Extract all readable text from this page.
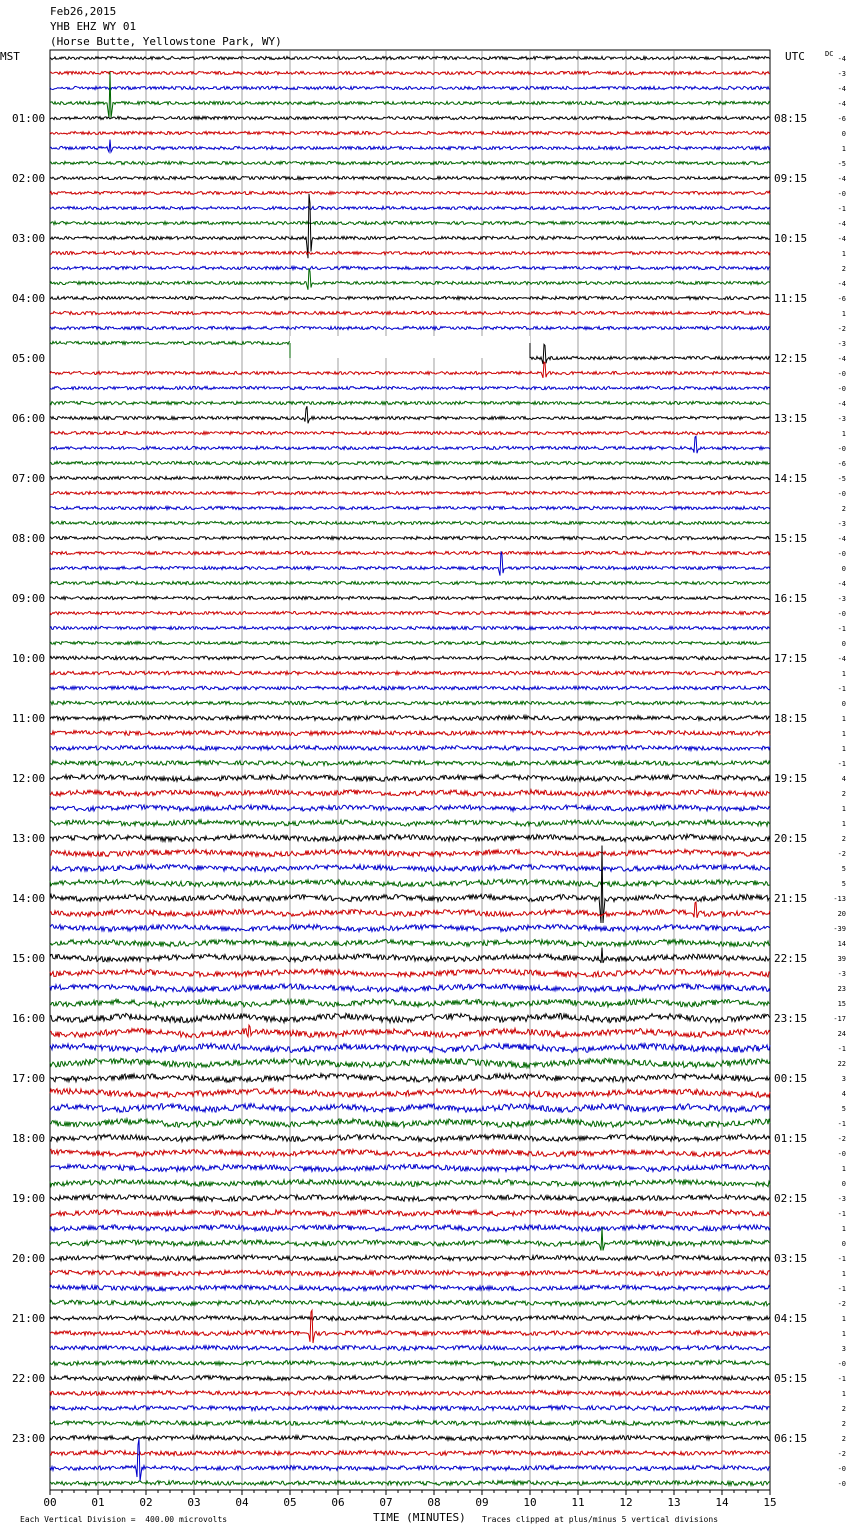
Feb26,2015
YHB EHZ WY 01
(Horse Butte, Yellowstone Park, WY)
MST	UTC	DC
01:00
02:00
03:00
04:00
05:00
06:00
07:00
08:00
09:00
10:00
11:00
12:00
13:00
14:00
15:00
16:00
17:00
18:00
19:00
20:00
21:00
22:00
23:00
08:15
09:15
10:15
11:15
12:15
13:15
14:15
15:15
16:15
17:15
18:15
19:15
20:15
21:15
22:15
23:15
00:15
01:15
02:15
03:15
04:15
05:15
06:15
-4
-3
-4
-4
-6
0
1
-5
-4
-0
-1
-4
-4
1
2
-4
-6
1
-2
-3
-4
-0
-0
-4
-3
1
-0
-6
-5
-0
2
-3
-4
-0
0
-4
-3
-0
-1
0
-4
1
-1
0
1
1
1
-1
4
2
1
1
2
-2
5
5
-13
20
-39
14
39
-3
23
15
-17
24
-1
22
3
4
5
-1
-2
-0
1
0
-3
-1
1
0
-1
1
-1
-2
1
1
3
-0
-1
1
2
2
2
-2
-0
-0
00	01	02	03	04	05	06	07	08	09	10	11	12	13	14	15
Each Vertical Division =  400.00 microvolts	TIME (MINUTES) Traces clipped at plus/minus 5 vertical divisions
